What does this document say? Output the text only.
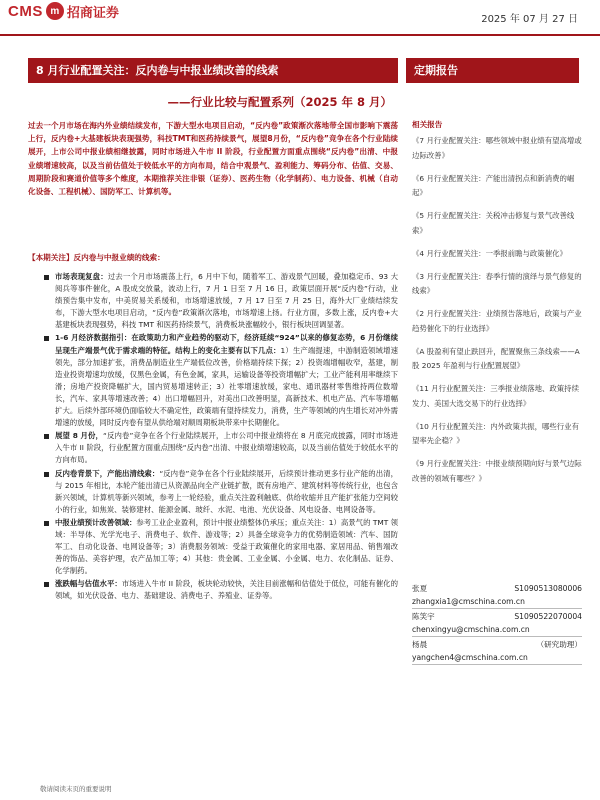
CMS m 招商证券	2025 年 07 月 27 日
8 月行业配置关注：反内卷与中报业绩改善的线索
——行业比较与配置系列（2025 年 8 月）
定期报告
过去一个月市场在海内外业绩结续发布，下游大型水电项目启动，“反内卷”政策渐次落地带全国市影响下震荡上行，反内卷+大基建板块表现强势，科技TMT和医药持续景气，展望8月份，“反内卷”竞争在各个行业陆续展开，上市公司中报业绩相继披露，同时市场进入牛市 II 阶段，行业配置方面重点围绕“反内卷”出清、中报业绩增速较高，以及当前估值处于较低水平的方向布局，结合中观景气、盈利能力、筹码分布、估值、交易、周期阶段和赛道价值等多个维度，本期推荐关注非银（证券）、医药生物（化学制药）、电力设备、机械（自动化设备、工程机械）、国防军工、计算机等。
【本期关注】反内卷与中报业绩的线索：
市场表现复盘：过去一个月市场震荡上行，6 月中下旬，随着军工、游戏景气回暖，叠加稳定币、93 大阅兵等事件催化，A 股成交放量，波动上行，7 月 1 日至 7 月 16 日，政策层面开展“反内卷”行动，业绩预告集中发布，中美贸易关系缓和，市场增速放缓，7 月 17 日至 7 月 25 日，海外大厂业绩结续发布，下游大型水电项目启动，“反内卷”政策渐次落地，市场增速上扬。行业方面，多数上涨，反内卷+大基建板块表现强势，科技 TMT 和医药持续景气，消费板块涨幅较小，银行板块回调显著。
1-6 月经济数据指引：在政策助力和产业趋势的驱动下，经济延续“924”以来的修复态势，6 月份继续呈现生产端景气优于需求端的特征。结构上的变化主要有以下几点：1）生产端提速，中游制造领域增速领先，部分加速扩张，消费品制造业生产端低位改善，价格端持续下探；2）投资端增幅收窄，基建，制造业投资增速均放缓，仅黑色金属，有色金属，家具，运输设备等投资增幅扩大；工业产能利用率继续下滑；房地产投资降幅扩大，国内贸易增速转正；3）社零增速放缓，家电、通讯器材零售维持两位数增长，汽车、家具等增速改善；4）出口增幅回升，对美出口改善明显，高新技术、机电产品、汽车等增幅扩大。后续外部环境仍面临较大不确定性，政策端有望持续发力，消费，生产等领域的内生增长对冲外需增速的放缓，同时反内卷有望从供给端对顺周期板块带来中长期催化。
展望 8 月份，“反内卷”竞争在各个行业陆续展开，上市公司中报业绩将在 8 月底完成披露，同时市场进入牛市 II 阶段，行业配置方面重点围绕“反内卷”出清、中报业绩增速较高，以及当前估值处于较低水平的方向布局。
反内卷背景下，产能出清线索：“反内卷”竞争在各个行业陆续展开，后续预计推动更多行业产能的出清，与 2015 年相比，本轮产能出清已从资源品向全产业链扩散，既有房地产、建筑材料等传统行业，也包含新兴领域，计算机等新兴领域，参考上一轮经验，重点关注盈利触底、供给收缩并且产能扩张能力空间较小的行业，如焦炭、装修建材、能源金属、玻纤、水泥、电池、光伏设备、风电设备、电网设备等。
中报业绩预计改善领域：参考工业企业盈利，预计中报业绩整体仍承压；重点关注：1）高景气的 TMT 领域：半导体、光学光电子、消费电子、软件、游戏等；2）具备全球竞争力的优势制造领域：汽车、国防军工、自动化设备、电网设备等；3）消费服务领域：受益于政策催化的家用电器、家居用品、销售端改善的饰品、美容护理，农产品加工等；4）其他：贵金属、工业金属、小金属、电力、农化制品、证券、化学制药。
涨跌幅与估值水平：市场进入牛市 II 阶段，板块轮动较快，关注目前涨幅和估值处于低位，可能有催化的领域，如光伏设备、电力、基础建设、消费电子、养殖业、证券等。
相关报告
《7 月行业配置关注：哪些领域中报业绩有望高增或边际改善》
《6 月行业配置关注：产能出清拐点和新消费的崛起》
《5 月行业配置关注：关税冲击修复与景气改善线索》
《4 月行业配置关注：一季报前瞻与政策催化》
《3 月行业配置关注：春季行情的演绎与景气修复的线索》
《2 月行业配置关注：业绩预告落地后，政策与产业趋势催化下的行业选择》
《A 股盈利有望止跌回升，配置聚焦三条线索——A 股 2025 年盈利与行业配置展望》
《11 月行业配置关注：三季报业绩落地、政策持续发力、美国大选交易下的行业选择》
《10 月行业配置关注：内外政策共振，哪些行业有望率先企稳？》
《9 月行业配置关注：中报业绩预期向好与景气边际改善的领域有哪些？》
张夏	S1090513080006
zhangxia1@cmschina.com.cn
陈笑宇	S1090522070004
chenxingyu@cmschina.com.cn
杨晨	（研究助理）
yangchen4@cmschina.com.cn
敬请阅读末页的重要说明
